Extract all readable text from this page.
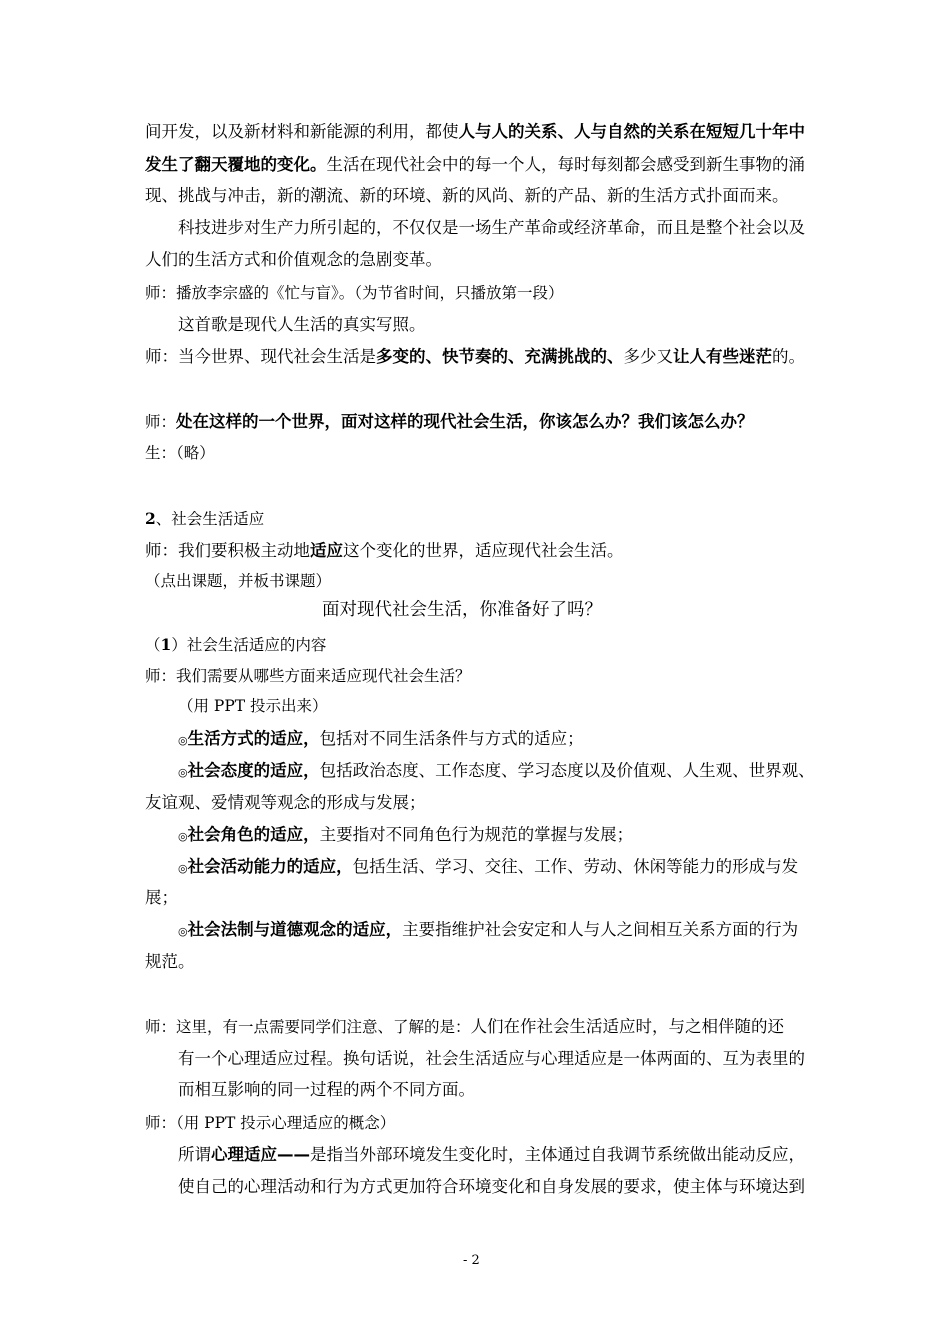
间开发，以及新材料和新能源的利用，都使人与人的关系、人与自然的关系在短短几十年中
发生了翻天覆地的变化。生活在现代社会中的每一个人，每时每刻都会感受到新生事物的涌
现、挑战与冲击，新的潮流、新的环境、新的风尚、新的产品、新的生活方式扑面而来。
科技进步对生产力所引起的，不仅仅是一场生产革命或经济革命，而且是整个社会以及
人们的生活方式和价值观念的急剧变革。
师：播放李宗盛的《忙与盲》。（为节省时间，只播放第一段）
这首歌是现代人生活的真实写照。
师：当今世界、现代社会生活是多变的、快节奏的、充满挑战的、多少又让人有些迷茫的。
师：处在这样的一个世界，面对这样的现代社会生活，你该怎么办？我们该怎么办？
生：（略）
2、社会生活适应
师：我们要积极主动地适应这个变化的世界，适应现代社会生活。
（点出课题，并板书课题）
面对现代社会生活，你准备好了吗？
（1）社会生活适应的内容
师：我们需要从哪些方面来适应现代社会生活？
（用 PPT 投示出来）
◎生活方式的适应，包括对不同生活条件与方式的适应；
◎社会态度的适应，包括政治态度、工作态度、学习态度以及价值观、人生观、世界观、
友谊观、爱情观等观念的形成与发展；
◎社会角色的适应，主要指对不同角色行为规范的掌握与发展；
◎社会活动能力的适应，包括生活、学习、交往、工作、劳动、休闲等能力的形成与发
展；
◎社会法制与道德观念的适应，主要指维护社会安定和人与人之间相互关系方面的行为
规范。
师：这里，有一点需要同学们注意、了解的是：人们在作社会生活适应时，与之相伴随的还
有一个心理适应过程。换句话说，社会生活适应与心理适应是一体两面的、互为表里的
而相互影响的同一过程的两个不同方面。
师：（用 PPT 投示心理适应的概念）
所谓心理适应——是指当外部环境发生变化时，主体通过自我调节系统做出能动反应，
使自己的心理活动和行为方式更加符合环境变化和自身发展的要求，使主体与环境达到
- 2
